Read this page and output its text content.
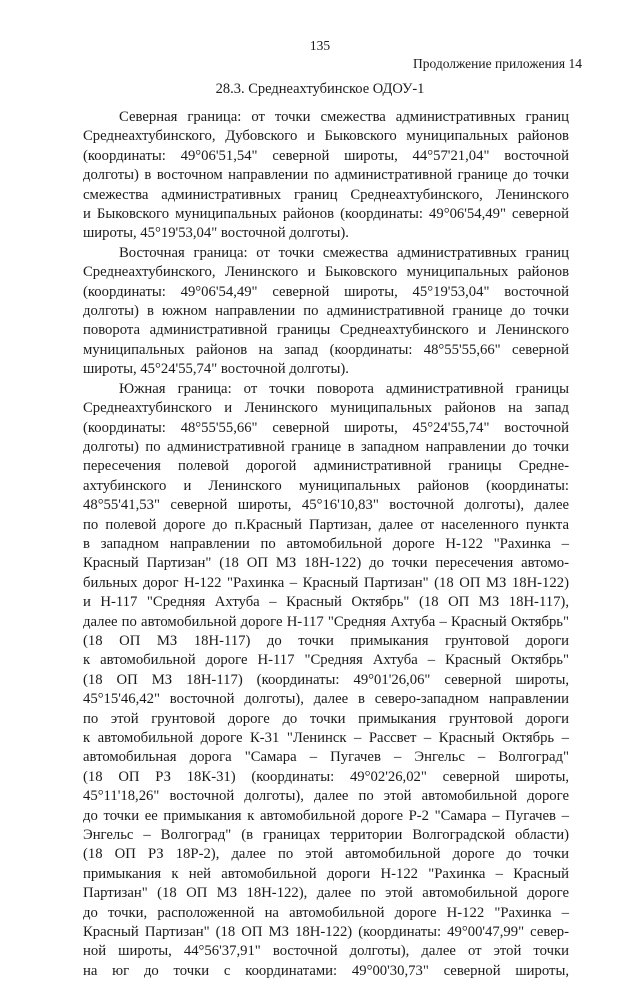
135
Продолжение приложения 14
28.3. Среднеахтубинское ОДОУ-1
Северная граница: от точки смежества административных границ
Среднеахтубинского, Дубовского и Быковского муниципальных районов
(координаты: 49°06'51,54" северной широты, 44°57'21,04" восточной
долготы) в восточном направлении по административной границе до точки
смежества административных границ Среднеахтубинского, Ленинского
и Быковского муниципальных районов (координаты: 49°06'54,49" северной
широты, 45°19'53,04" восточной долготы).
Восточная граница: от точки смежества административных границ
Среднеахтубинского, Ленинского и Быковского муниципальных районов
(координаты: 49°06'54,49" северной широты, 45°19'53,04" восточной
долготы) в южном направлении по административной границе до точки
поворота административной границы Среднеахтубинского и Ленинского
муниципальных районов на запад (координаты: 48°55'55,66" северной
широты, 45°24'55,74" восточной долготы).
Южная граница: от точки поворота административной границы
Среднеахтубинского и Ленинского муниципальных районов на запад
(координаты: 48°55'55,66" северной широты, 45°24'55,74" восточной
долготы) по административной границе в западном направлении до точки
пересечения полевой дорогой административной границы Средне-
ахтубинского и Ленинского муниципальных районов (координаты:
48°55'41,53" северной широты, 45°16'10,83" восточной долготы), далее
по полевой дороге до п.Красный Партизан, далее от населенного пункта
в западном направлении по автомобильной дороге Н-122 "Рахинка –
Красный Партизан" (18 ОП МЗ 18Н-122) до точки пересечения автомо-
бильных дорог Н-122 "Рахинка – Красный Партизан" (18 ОП МЗ 18Н-122)
и Н-117 "Средняя Ахтуба – Красный Октябрь" (18 ОП МЗ 18Н-117),
далее по автомобильной дороге Н-117 "Средняя Ахтуба – Красный Октябрь"
(18 ОП МЗ 18Н-117) до точки примыкания грунтовой дороги
к автомобильной дороге Н-117 "Средняя Ахтуба – Красный Октябрь"
(18 ОП МЗ 18Н-117) (координаты: 49°01'26,06" северной широты,
45°15'46,42" восточной долготы), далее в северо-западном направлении
по этой грунтовой дороге до точки примыкания грунтовой дороги
к автомобильной дороге К-31 "Ленинск – Рассвет – Красный Октябрь –
автомобильная дорога "Самара – Пугачев – Энгельс – Волгоград"
(18 ОП РЗ 18К-31) (координаты: 49°02'26,02" северной широты,
45°11'18,26" восточной долготы), далее по этой автомобильной дороге
до точки ее примыкания к автомобильной дороге Р-2 "Самара – Пугачев –
Энгельс – Волгоград" (в границах территории Волгоградской области)
(18 ОП РЗ 18Р-2), далее по этой автомобильной дороге до точки
примыкания к ней автомобильной дороги Н-122 "Рахинка – Красный
Партизан" (18 ОП МЗ 18Н-122), далее по этой автомобильной дороге
до точки, расположенной на автомобильной дороге Н-122 "Рахинка –
Красный Партизан" (18 ОП МЗ 18Н-122) (координаты: 49°00'47,99" север-
ной широты, 44°56'37,91" восточной долготы), далее от этой точки
на юг до точки с координатами: 49°00'30,73" северной широты,
